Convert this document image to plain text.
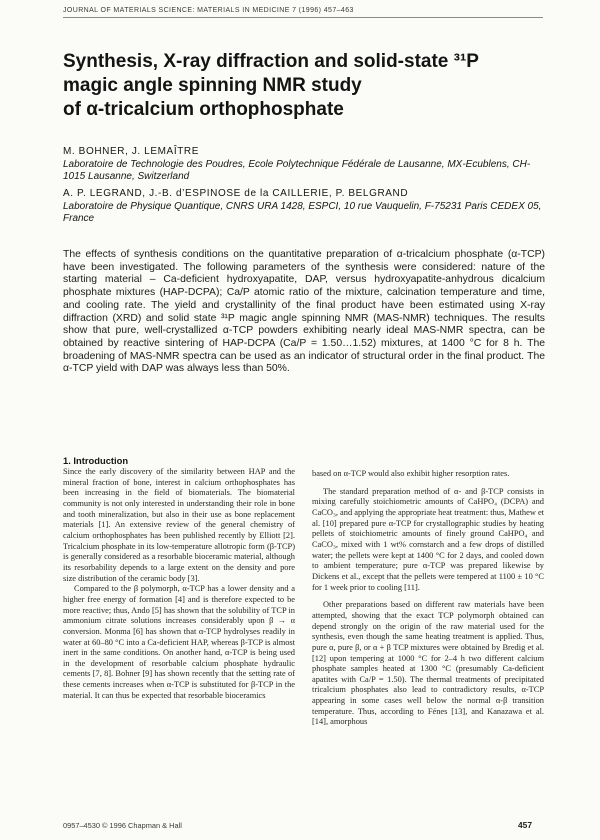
JOURNAL OF MATERIALS SCIENCE: MATERIALS IN MEDICINE 7 (1996) 457–463
Synthesis, X-ray diffraction and solid-state ³¹P
magic angle spinning NMR study
of α-tricalcium orthophosphate
M. BOHNER, J. LEMAÎTRE
Laboratoire de Technologie des Poudres, Ecole Polytechnique Fédérale de Lausanne, MX-Ecublens, CH-1015 Lausanne, Switzerland
A. P. LEGRAND, J.-B. d’ESPINOSE de la CAILLERIE, P. BELGRAND
Laboratoire de Physique Quantique, CNRS URA 1428, ESPCI, 10 rue Vauquelin, F-75231 Paris CEDEX 05, France
The effects of synthesis conditions on the quantitative preparation of α-tricalcium phosphate (α-TCP) have been investigated. The following parameters of the synthesis were considered: nature of the starting material – Ca-deficient hydroxyapatite, DAP, versus hydroxyapatite-anhydrous dicalcium phosphate mixtures (HAP-DCPA); Ca/P atomic ratio of the mixture, calcination temperature and time, and cooling rate. The yield and crystallinity of the final product have been estimated using X-ray diffraction (XRD) and solid state ³¹P magic angle spinning NMR (MAS-NMR) techniques. The results show that pure, well-crystallized α-TCP powders exhibiting nearly ideal MAS-NMR spectra, can be obtained by reactive sintering of HAP-DCPA (Ca/P = 1.50…1.52) mixtures, at 1400 °C for 8 h. The broadening of MAS-NMR spectra can be used as an indicator of structural order in the final product. The α-TCP yield with DAP was always less than 50%.
1. Introduction

Since the early discovery of the similarity between HAP and the mineral fraction of bone, interest in calcium orthophosphates has been increasing in the field of biomaterials. The biomaterial community is not only interested in understanding their role in bone and tooth mineralization, but also in their use as bone replacement materials [1]. An extensive review of the general chemistry of calcium orthophosphates has been published recently by Elliott [2]. Tricalcium phosphate in its low-temperature allotropic form (β-TCP) is generally considered as a resorbable bioceramic material, although its resorbability depends to a large extent on the density and pore size distribution of the ceramic body [3].

Compared to the β polymorph, α-TCP has a lower density and a higher free energy of formation [4] and is therefore expected to be more reactive; thus, Ando [5] has shown that the solubility of TCP in ammonium citrate solutions increases considerably upon β → α conversion. Monma [6] has shown that α-TCP hydrolyses readily in water at 60–80 °C into a Ca-deficient HAP, whereas β-TCP is almost inert in the same conditions. On another hand, α-TCP is being used in the development of resorbable calcium phosphate hydraulic cements [7, 8]. Bohner [9] has shown recently that the setting rate of these cements increases when α-TCP is substituted for β-TCP in the material. It can thus be expected that resorbable bioceramics

based on α-TCP would also exhibit higher resorption rates.

The standard preparation method of α- and β-TCP consists in mixing carefully stoichiometric amounts of CaHPO₄ (DCPA) and CaCO₃, and applying the appropriate heat treatment: thus, Mathew et al. [10] prepared pure α-TCP for crystallographic studies by heating pellets of stoichiometric amounts of finely ground CaHPO₄ and CaCO₃, mixed with 1 wt% cornstarch and a few drops of distilled water; the pellets were kept at 1400 °C for 2 days, and cooled down to ambient temperature; pure α-TCP was prepared likewise by Dickens et al., except that the pellets were tempered at 1100 ± 10 °C for 1 week prior to cooling [11].

Other preparations based on different raw materials have been attempted, showing that the exact TCP polymorph obtained can depend strongly on the origin of the raw material used for the synthesis, even though the same heating treatment is applied. Thus, pure α, pure β, or α + β TCP mixtures were obtained by Bredig et al. [12] upon tempering at 1000 °C for 2–4 h two different calcium phosphate samples heated at 1300 °C (presumably Ca-deficient apatites with Ca/P = 1.50). The thermal treatments of precipitated tricalcium phosphates also lead to contradictory results, α-TCP appearing in some cases well below the normal α-β transition temperature. Thus, according to Fénes [13], and Kanazawa et al. [14], amorphous

0957–4530 © 1996 Chapman & Hall	457
